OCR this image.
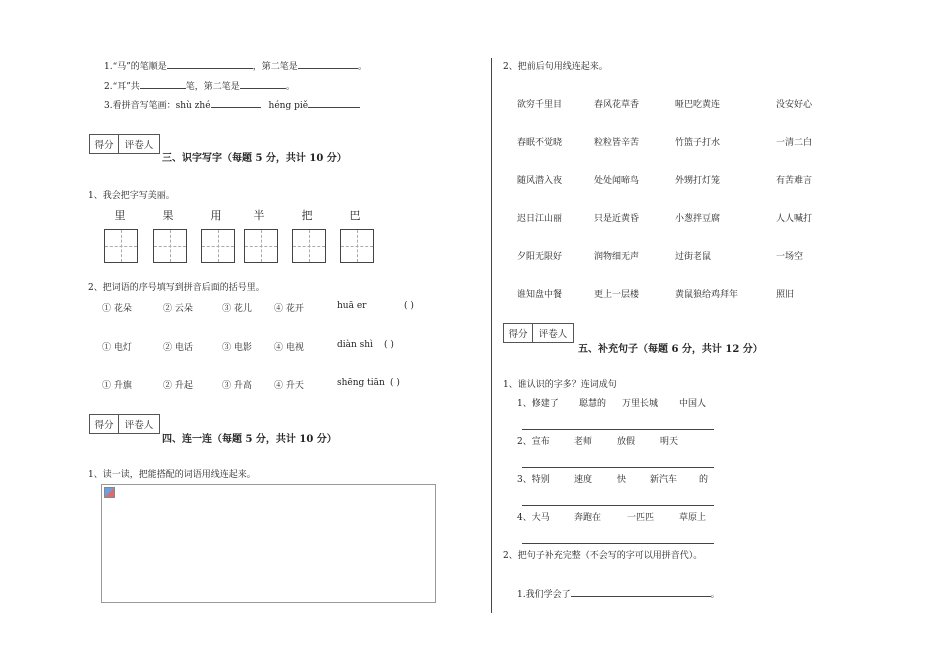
1.“马”的笔顺是	，第二笔是	。
2.“耳”共	笔，第二笔是	。
3.看拼音写笔画：shù zhé	héng piě
得分	评卷人
三、识字写字（每题 5 分，共计 10 分）
1、我会把字写美丽。
里	果	用	半	把	巴
2、把词语的序号填写到拼音后面的括号里。
① 花朵	② 云朵	③ 花儿 ④ 花开	huā er	( )
① 电灯	② 电话	③ 电影 ④ 电视	diàn shì ( )
① 升旗	② 升起	③ 升高 ④ 升天	shēng tiān ( )
得分	评卷人
四、连一连（每题 5 分，共计 10 分）
1、读一读，把能搭配的词语用线连起来。
2、把前后句用线连起来。
欲穷千里目	春风花草香	哑巴吃黄连	没安好心
春眠不觉晓	粒粒皆辛苦	竹篮子打水	一清二白
随风潜入夜	处处闻啼鸟	外甥打灯笼	有苦难言
迟日江山丽	只是近黄昏	小葱拌豆腐	人人喊打
夕阳无限好	润物细无声	过街老鼠	一场空
谁知盘中餐	更上一层楼	黄鼠狼给鸡拜年	照旧
得分	评卷人
五、补充句子（每题 6 分，共计 12 分）
1、谁认识的字多？连词成句
1、修建了 聪慧的 万里长城 中国人
2、宣布	老师	放假	明天
3、特别	速度	快	新汽车 的
4、大马	奔跑在	一匹匹	草原上
2、把句子补充完整（不会写的字可以用拼音代）。
1.我们学会了	。
